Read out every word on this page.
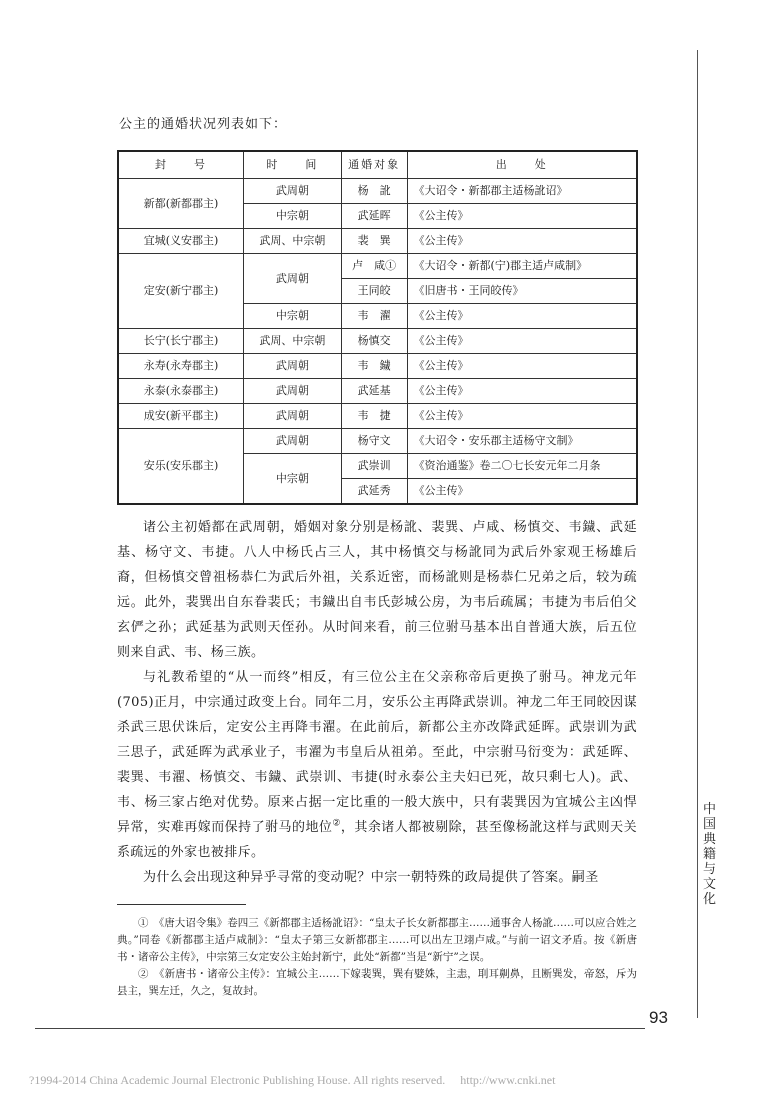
中国典籍与文化
公主的通婚状况列表如下：
封　　号	时　　间	通婚对象	出　　处
新都(新都郡主)	武周朝	杨　訛	《大诏令・新都郡主适杨訛诏》
	中宗朝	武延晖	《公主传》
宜城(义安郡主)	武周、中宗朝	裴　巽	《公主传》
定安(新宁郡主)	武周朝	卢　咸①	《大诏令・新都(宁)郡主适卢咸制》
		王同皎	《旧唐书・王同皎传》
	中宗朝	韦　濯	《公主传》
长宁(长宁郡主)	武周、中宗朝	杨慎交	《公主传》
永寿(永寿郡主)	武周朝	韦　鐬	《公主传》
永泰(永泰郡主)	武周朝	武延基	《公主传》
成安(新平郡主)	武周朝	韦　捷	《公主传》
安乐(安乐郡主)	武周朝	杨守文	《大诏令・安乐郡主适杨守文制》
	中宗朝	武崇训	《资治通鉴》卷二〇七长安元年二月条
		武延秀	《公主传》

诸公主初婚都在武周朝，婚姻对象分别是杨訛、裴巽、卢咸、杨慎交、韦鐬、武延基、杨守文、韦捷。八人中杨氏占三人，其中杨慎交与杨訛同为武后外家观王杨雄后裔，但杨慎交曾祖杨恭仁为武后外祖，关系近密，而杨訛则是杨恭仁兄弟之后，较为疏远。此外，裴巽出自东眷裴氏；韦鐬出自韦氏彭城公房，为韦后疏属；韦捷为韦后伯父玄俨之孙；武延基为武则天侄孙。从时间来看，前三位驸马基本出自普通大族，后五位则来自武、韦、杨三族。

与礼教希望的“从一而终”相反，有三位公主在父亲称帝后更换了驸马。神龙元年(705)正月，中宗通过政变上台。同年二月，安乐公主再降武崇训。神龙二年王同皎因谋杀武三思伏诛后，定安公主再降韦濯。在此前后，新都公主亦改降武延晖。武崇训为武三思子，武延晖为武承业子，韦濯为韦皇后从祖弟。至此，中宗驸马衍变为：武延晖、裴巽、韦濯、杨慎交、韦鐬、武崇训、韦捷(时永泰公主夫妇已死，故只剩七人)。武、韦、杨三家占绝对优势。原来占据一定比重的一般大族中，只有裴巽因为宜城公主凶悍异常，实难再嫁而保持了驸马的地位②，其余诸人都被剔除，甚至像杨訛这样与武则天关系疏远的外家也被排斥。

为什么会出现这种异乎寻常的变动呢？中宗一朝特殊的政局提供了答案。嗣圣

①　《唐大诏令集》卷四三《新都郡主适杨訛诏》：“皇太子长女新都郡主……通事舍人杨訛……可以应合姓之典。”同卷《新都郡主适卢咸制》：“皇太子第三女新都郡主……可以出左卫翊卢咸。”与前一诏文矛盾。按《新唐书・诸帝公主传》，中宗第三女定安公主始封新宁，此处“新都”当是“新宁”之误。

②　《新唐书・诸帝公主传》：宜城公主……下嫁裴巽，巽有嬖姝，主恚，刵耳劓鼻，且断巽发，帝怒，斥为县主，巽左迁，久之，复故封。

93
?1994-2014 China Academic Journal Electronic Publishing House. All rights reserved.　 http://www.cnki.net
